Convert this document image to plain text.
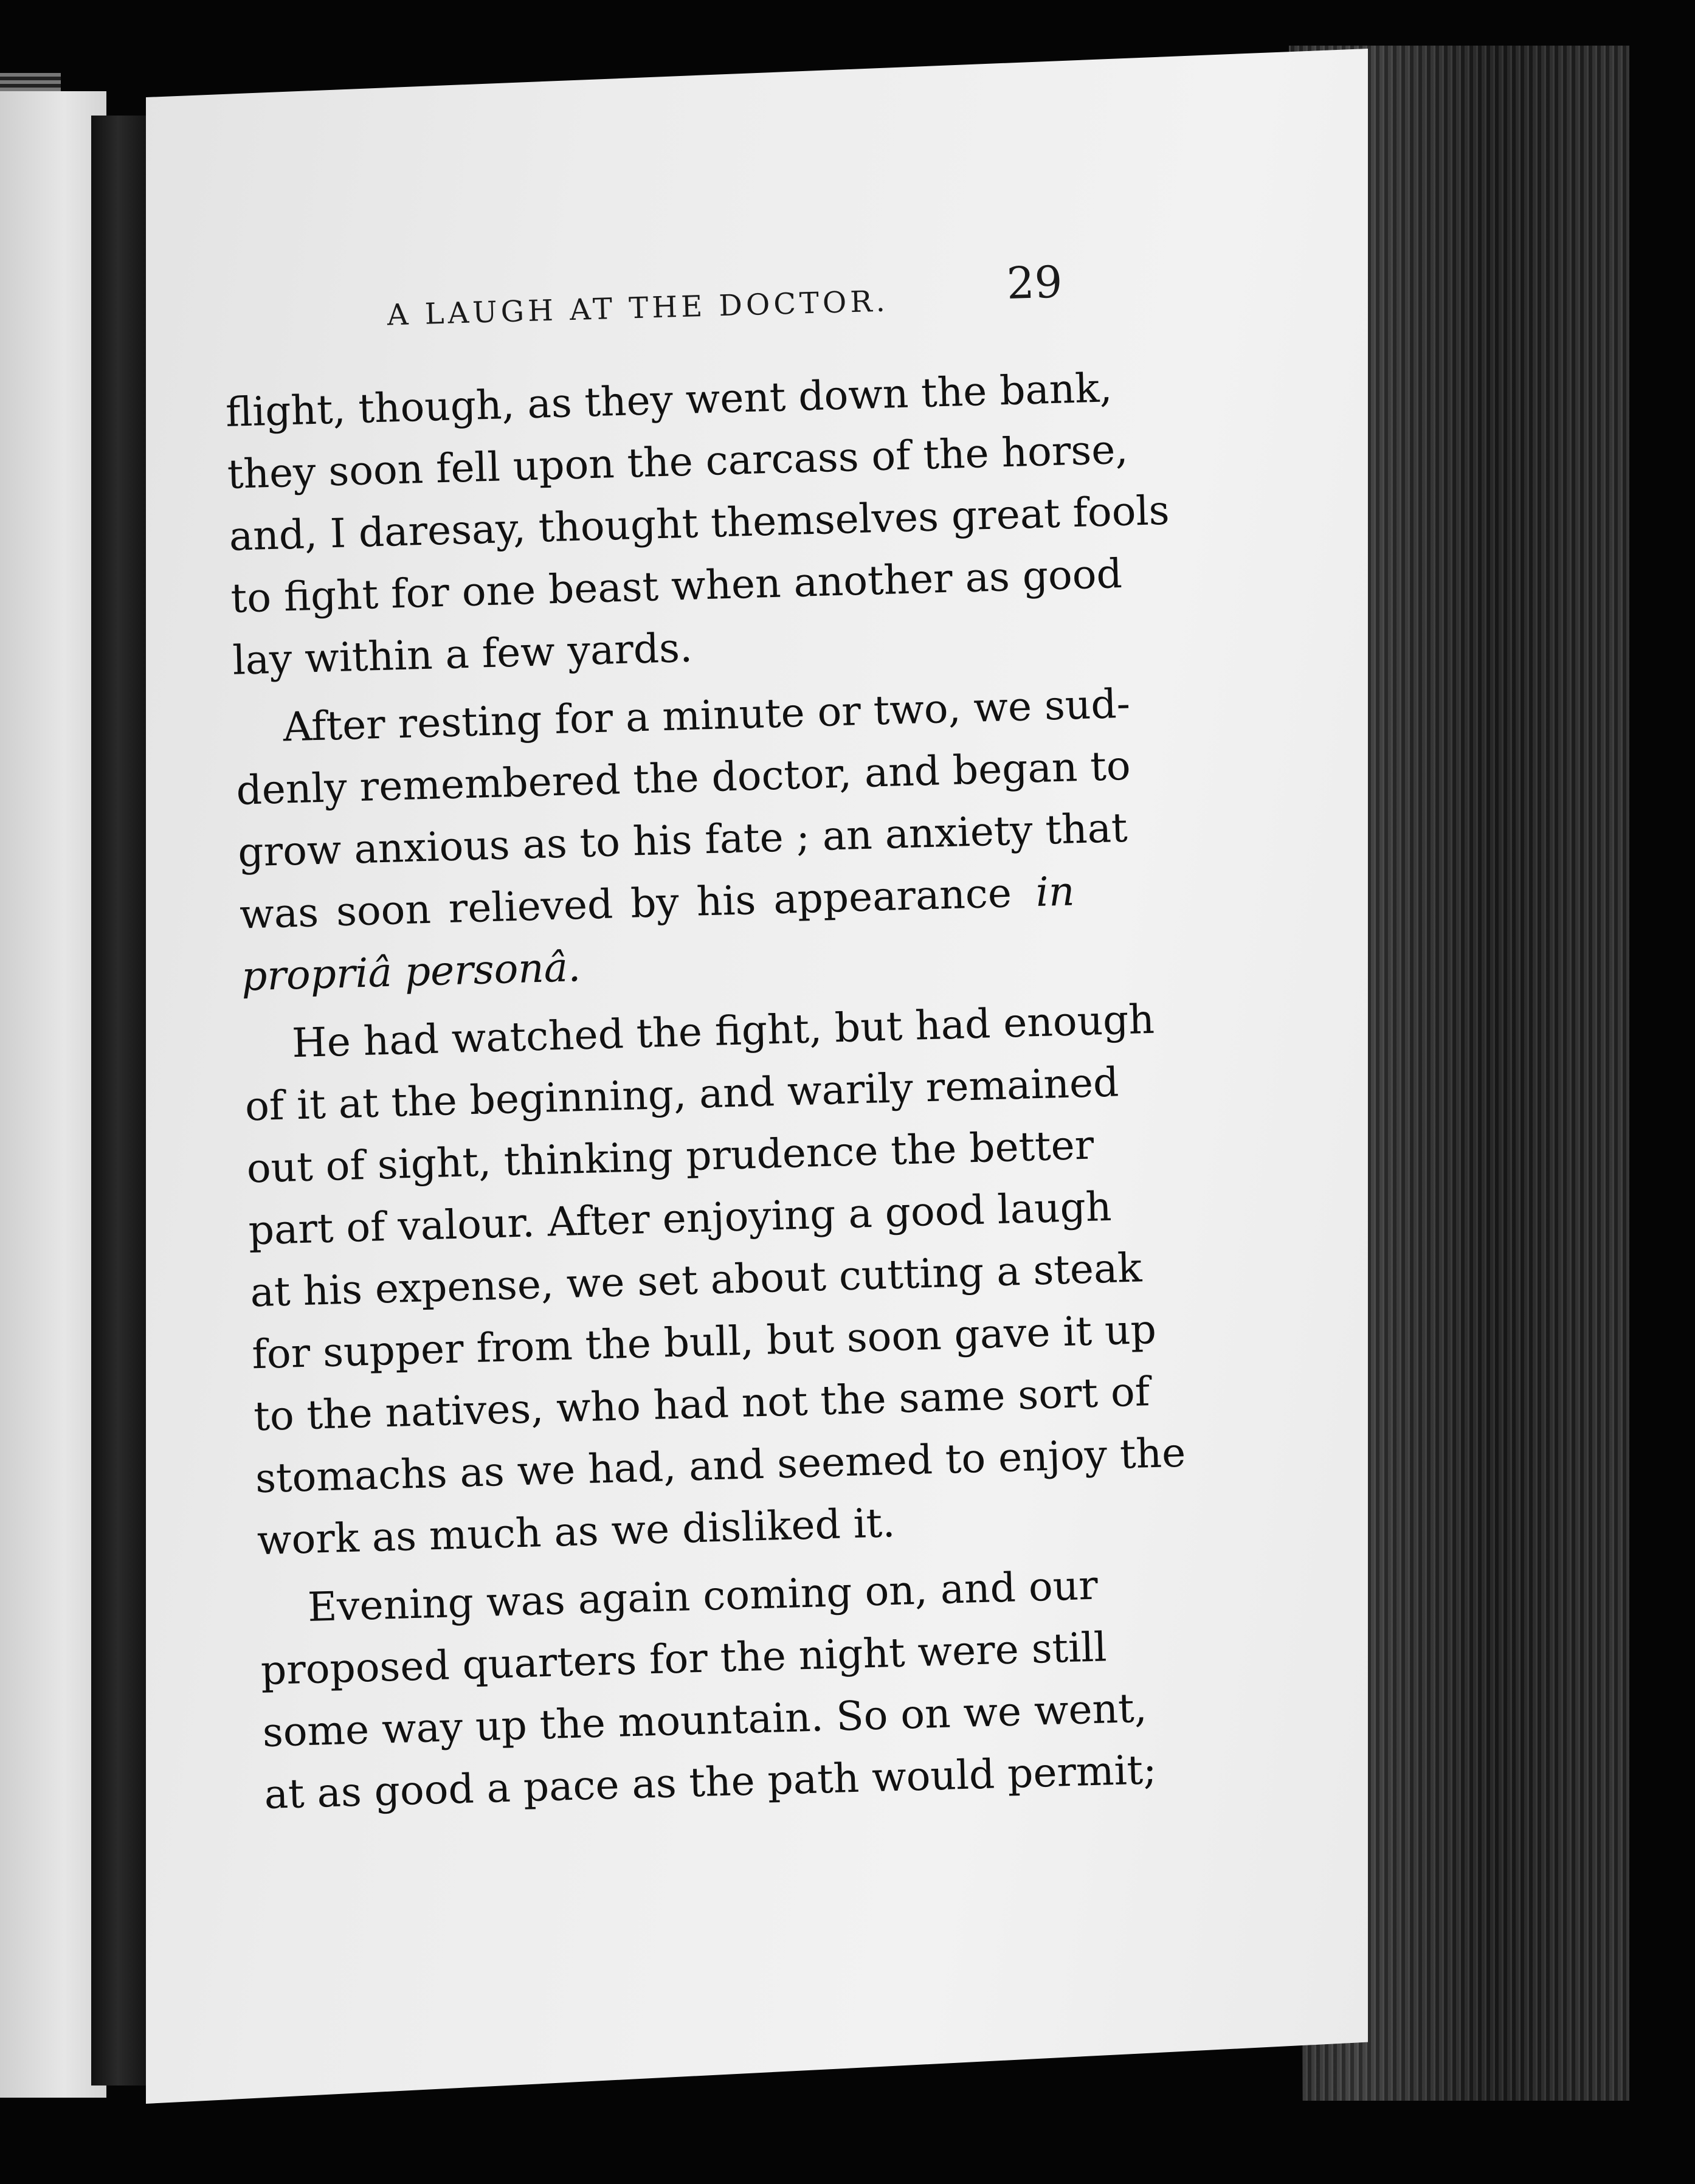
A LAUGH AT THE DOCTOR.	29
flight, though, as they went down the bank,
they soon fell upon the carcass of the horse,
and, I daresay, thought themselves great fools
to fight for one beast when another as good
lay within a few yards.
After resting for a minute or two, we sud-
denly remembered the doctor, and began to
grow anxious as to his fate ; an anxiety that
was soon relieved by his appearance in
propriâ personâ.
He had watched the fight, but had enough
of it at the beginning, and warily remained
out of sight, thinking prudence the better
part of valour. After enjoying a good laugh
at his expense, we set about cutting a steak
for supper from the bull, but soon gave it up
to the natives, who had not the same sort of
stomachs as we had, and seemed to enjoy the
work as much as we disliked it.
Evening was again coming on, and our
proposed quarters for the night were still
some way up the mountain. So on we went,
at as good a pace as the path would permit;
